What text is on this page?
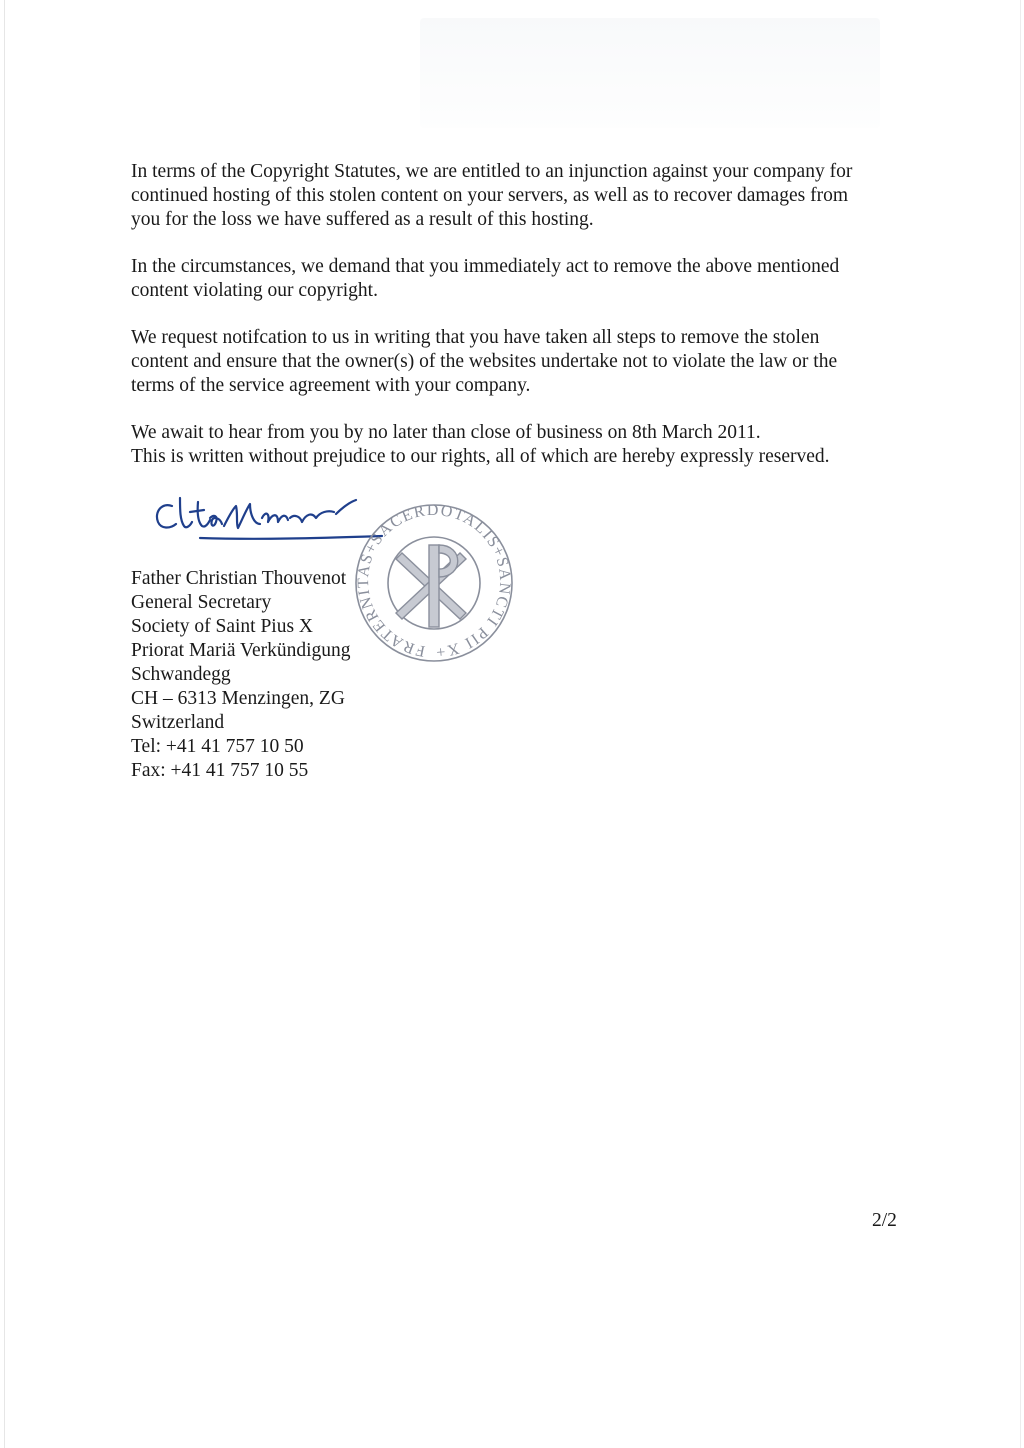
In terms of the Copyright Statutes, we are entitled to an injunction against your company for
continued hosting of this stolen content on your servers, as well as to recover damages from
you for the loss we have suffered as a result of this hosting.

In the circumstances, we demand that you immediately act to remove the above mentioned
content violating our copyright.

We request notifcation to us in writing that you have taken all steps to remove the stolen
content and ensure that the owner(s) of the websites undertake not to violate the law or the
terms of the service agreement with your company.

We await to hear from you by no later than close of business on 8th March 2011.
This is written without prejudice to our rights, all of which are hereby expressly reserved.

FRATERNITAS+SACERDOTALIS+SANCTI PII X+
Father Christian Thouvenot
General Secretary
Society of Saint Pius X
Priorat Mariä Verkündigung
Schwandegg
CH – 6313 Menzingen, ZG
Switzerland
Tel: +41 41 757 10 50
Fax: +41 41 757 10 55
2/2
